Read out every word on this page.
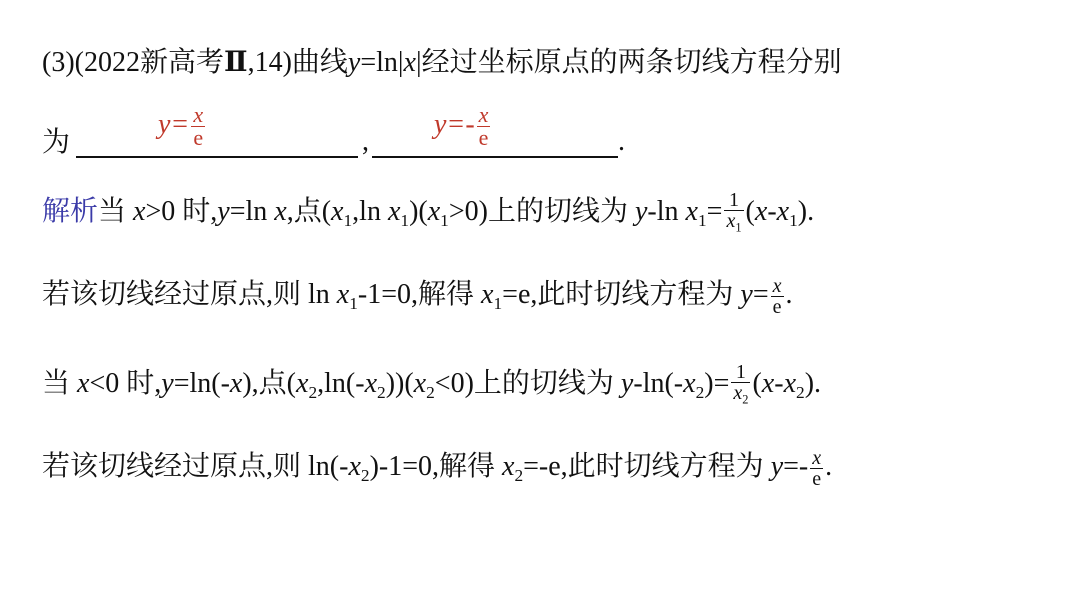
(3)(2022新高考Ⅱ,14)曲线y=ln|x|经过坐标原点的两条切线方程分别
为	,	.
$y= \frac{x}{e}$	$y=- \frac{x}{e}$
解析当 x>0 时,y=ln x,点($x_1,\ln$ $x_1)(x_1>0)$上的切线为 y-ln $x_1= \frac{1}{x_1} (x-x_1)$.
若该切线经过原点,则 $\ln x_1-1=0$,解得 $x_1=e$,此时切线方程为 $y= \frac{x}{e}$ .
当 x<0 时,y=ln(-x),点$(x_2,\ln(-x_2))(x_2<0)$上的切线为 $y-\ln(-x_2)= \frac{1}{x_2} (x-x_2)$.
若该切线经过原点,则 $\ln(-x_2)-1=0$,解得 $x_2=-e$,此时切线方程为 $y=- \frac{x}{e}$ .
